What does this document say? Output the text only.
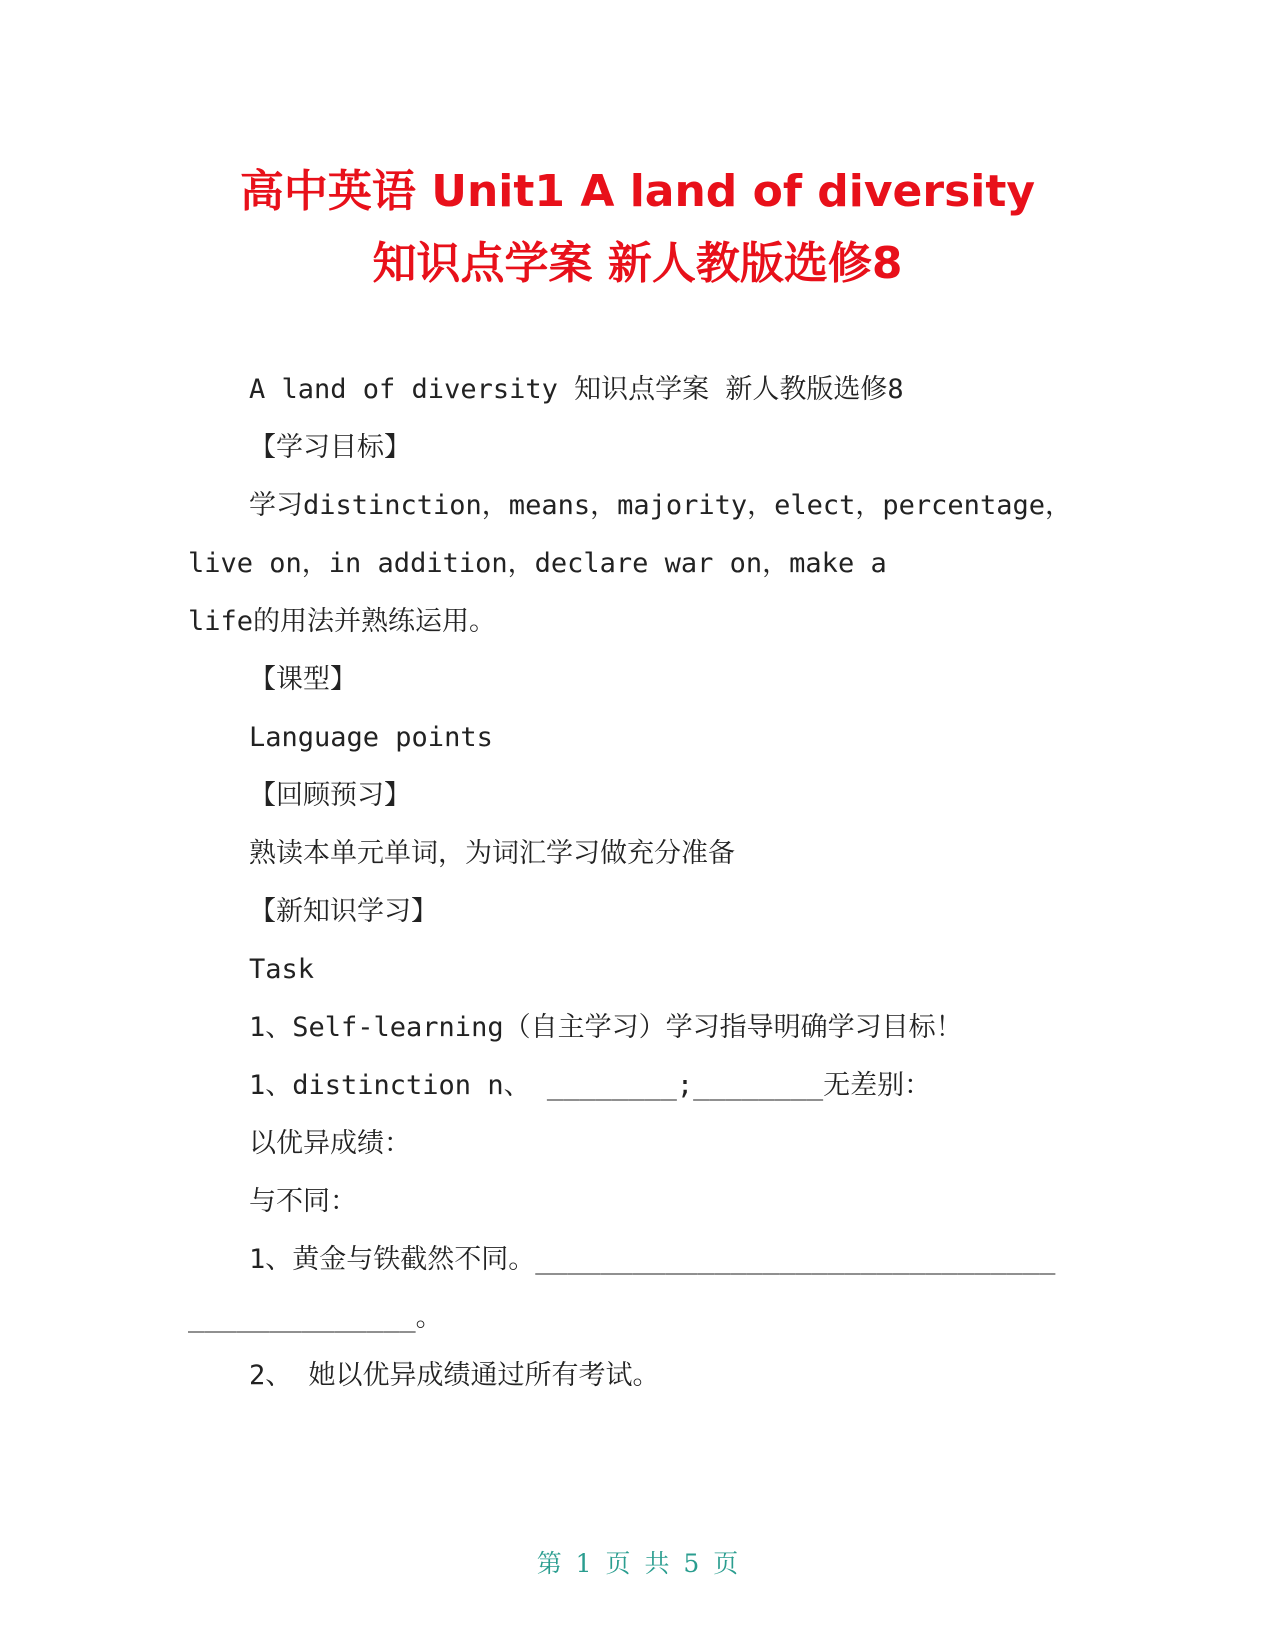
高中英语 Unit1 A land of diversity
知识点学案 新人教版选修8

A land of diversity 知识点学案 新人教版选修8

【学习目标】

学习distinction，means，majority，elect，percentage，

live on，in addition，declare war on，make a

life的用法并熟练运用。

【课型】

Language points

【回顾预习】

熟读本单元单词，为词汇学习做充分准备

【新知识学习】

Task

1、Self-learning（自主学习）学习指导明确学习目标！

1、distinction n、 ________;________无差别：

以优异成绩：

与不同：

1、黄金与铁截然不同。________________________________

______________。

2、 她以优异成绩通过所有考试。

第 1 页 共 5 页
